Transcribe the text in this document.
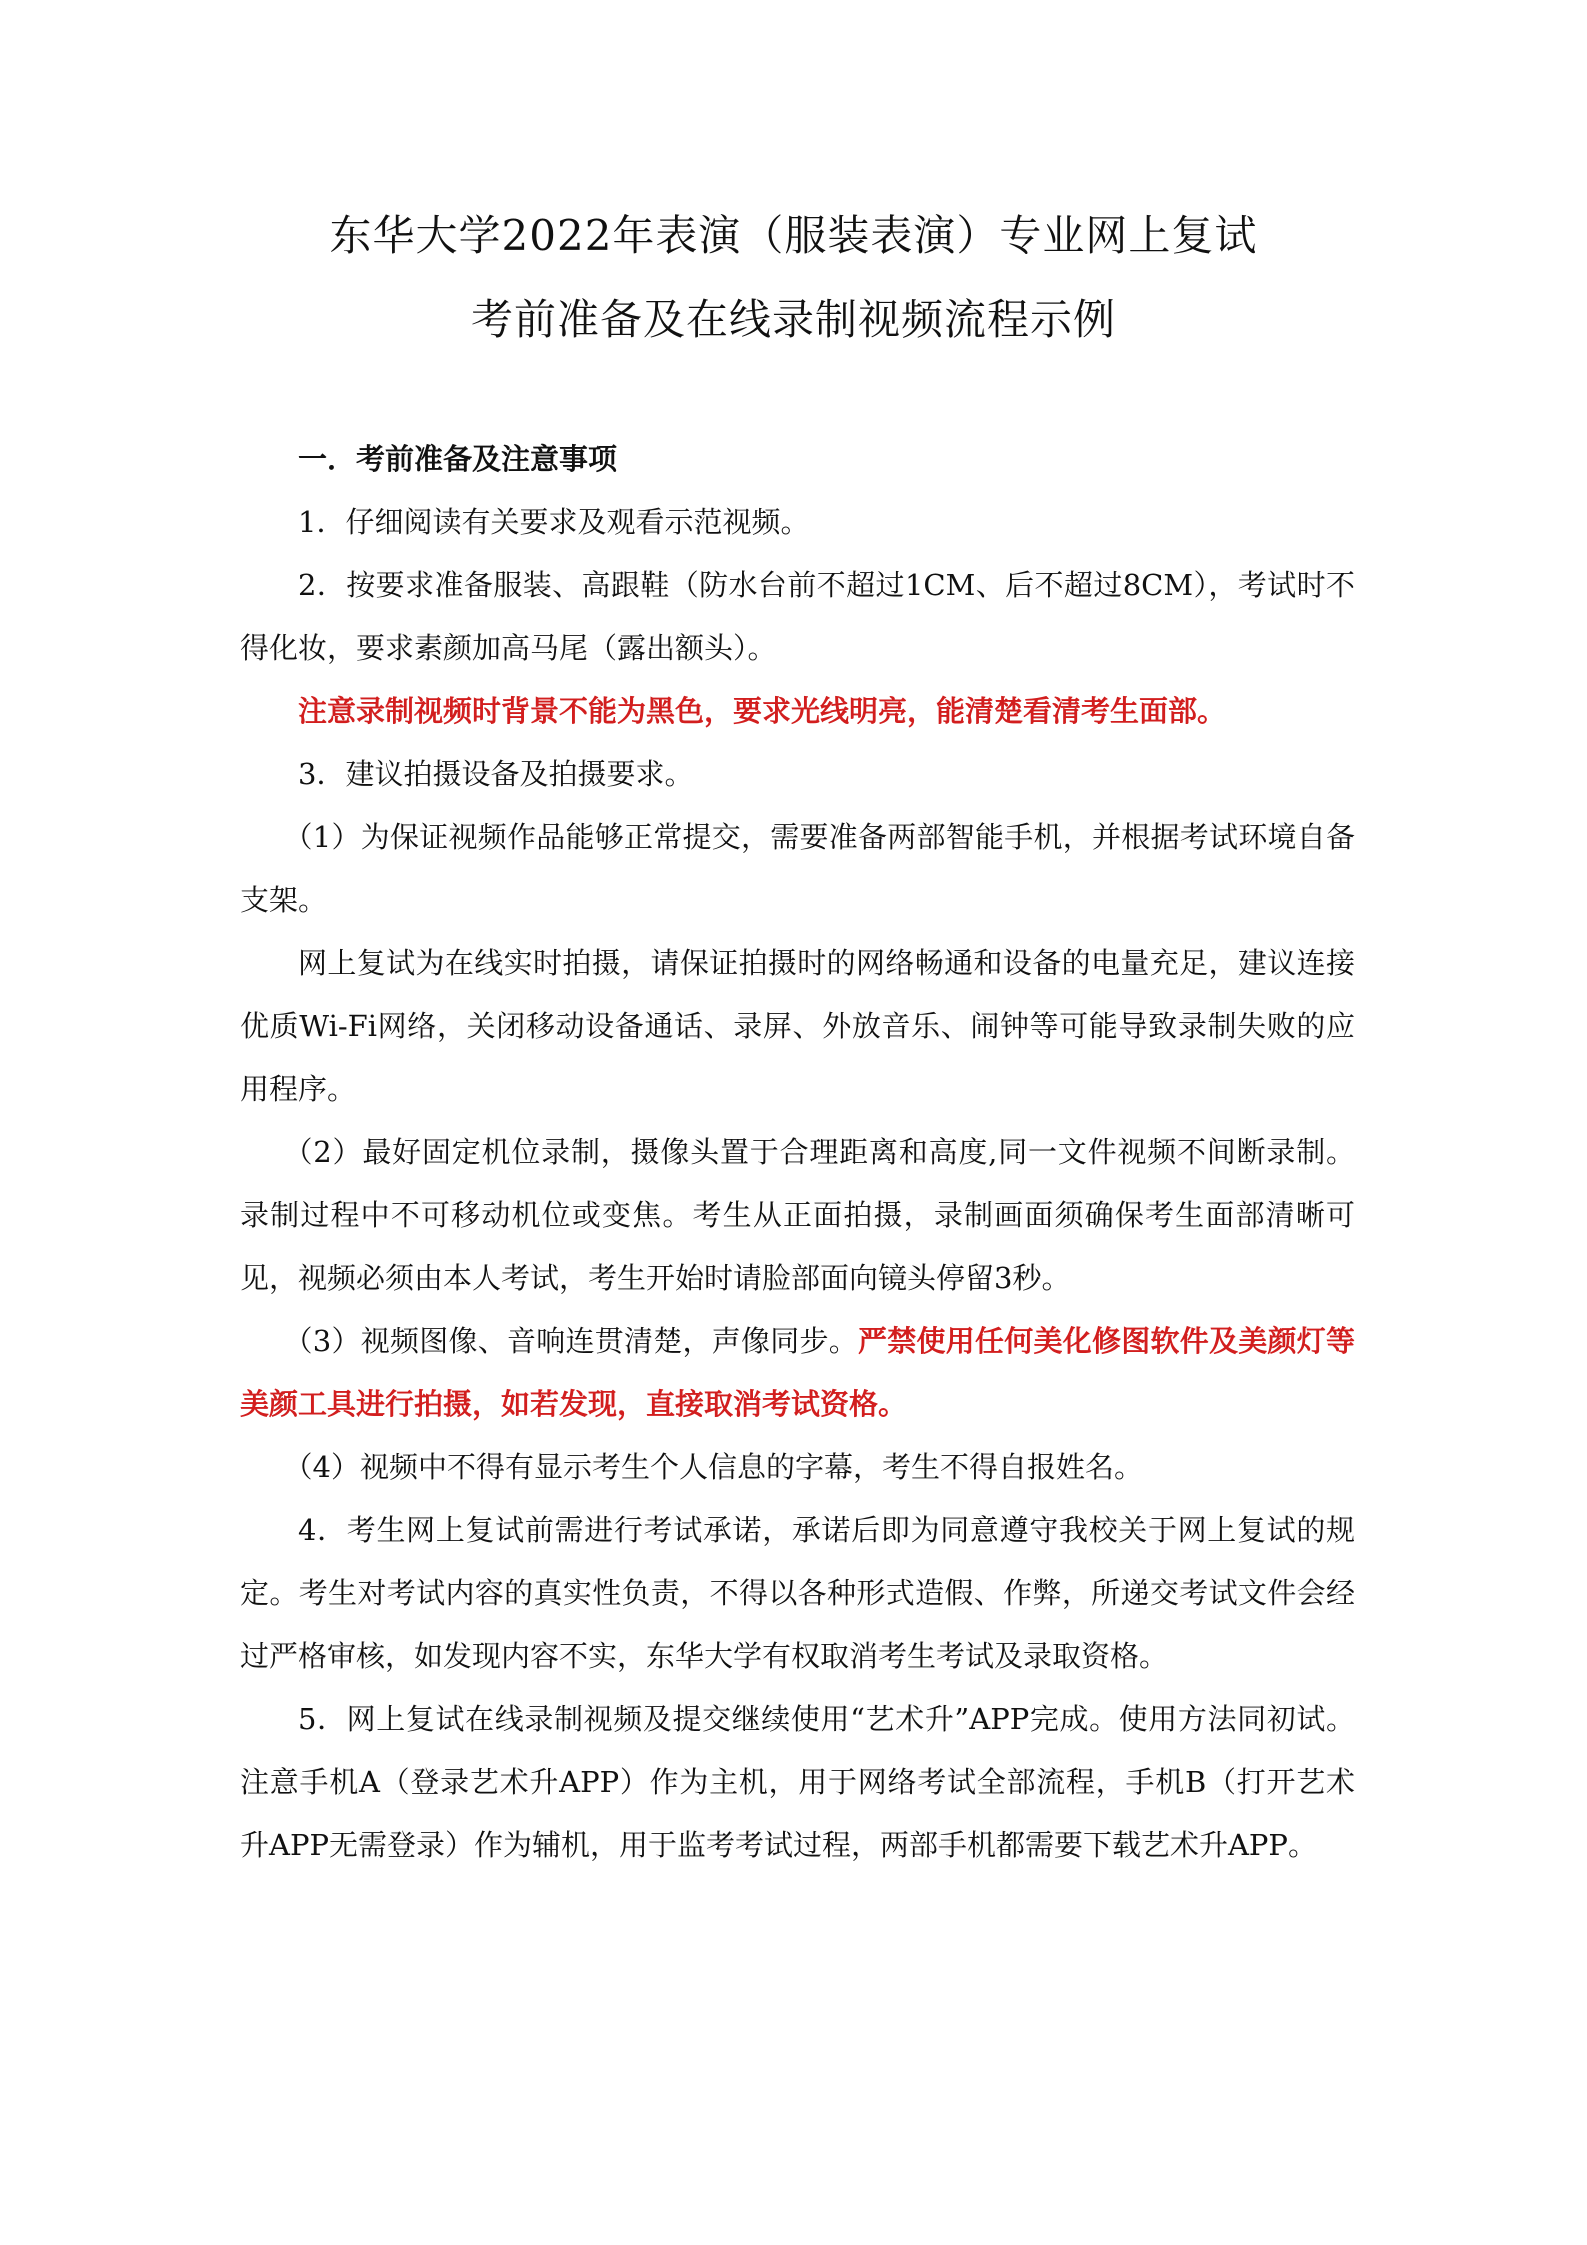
东华大学2022年表演（服装表演）专业网上复试
考前准备及在线录制视频流程示例

一．考前准备及注意事项

1．仔细阅读有关要求及观看示范视频。

2．按要求准备服装、高跟鞋（防水台前不超过1CM、后不超过8CM），考试时不得化妆，要求素颜加高马尾（露出额头）。

注意录制视频时背景不能为黑色，要求光线明亮，能清楚看清考生面部。

3．建议拍摄设备及拍摄要求。

（1）为保证视频作品能够正常提交，需要准备两部智能手机，并根据考试环境自备支架。

网上复试为在线实时拍摄，请保证拍摄时的网络畅通和设备的电量充足，建议连接优质Wi-Fi网络，关闭移动设备通话、录屏、外放音乐、闹钟等可能导致录制失败的应用程序。

（2）最好固定机位录制，摄像头置于合理距离和高度,同一文件视频不间断录制。录制过程中不可移动机位或变焦。考生从正面拍摄，录制画面须确保考生面部清晰可见，视频必须由本人考试，考生开始时请脸部面向镜头停留3秒。

（3）视频图像、音响连贯清楚，声像同步。严禁使用任何美化修图软件及美颜灯等美颜工具进行拍摄，如若发现，直接取消考试资格。

（4）视频中不得有显示考生个人信息的字幕，考生不得自报姓名。

4．考生网上复试前需进行考试承诺，承诺后即为同意遵守我校关于网上复试的规定。考生对考试内容的真实性负责，不得以各种形式造假、作弊，所递交考试文件会经过严格审核，如发现内容不实，东华大学有权取消考生考试及录取资格。

5．网上复试在线录制视频及提交继续使用“艺术升”APP完成。使用方法同初试。注意手机A（登录艺术升APP）作为主机，用于网络考试全部流程，手机B（打开艺术升APP无需登录）作为辅机，用于监考考试过程，两部手机都需要下载艺术升APP。
